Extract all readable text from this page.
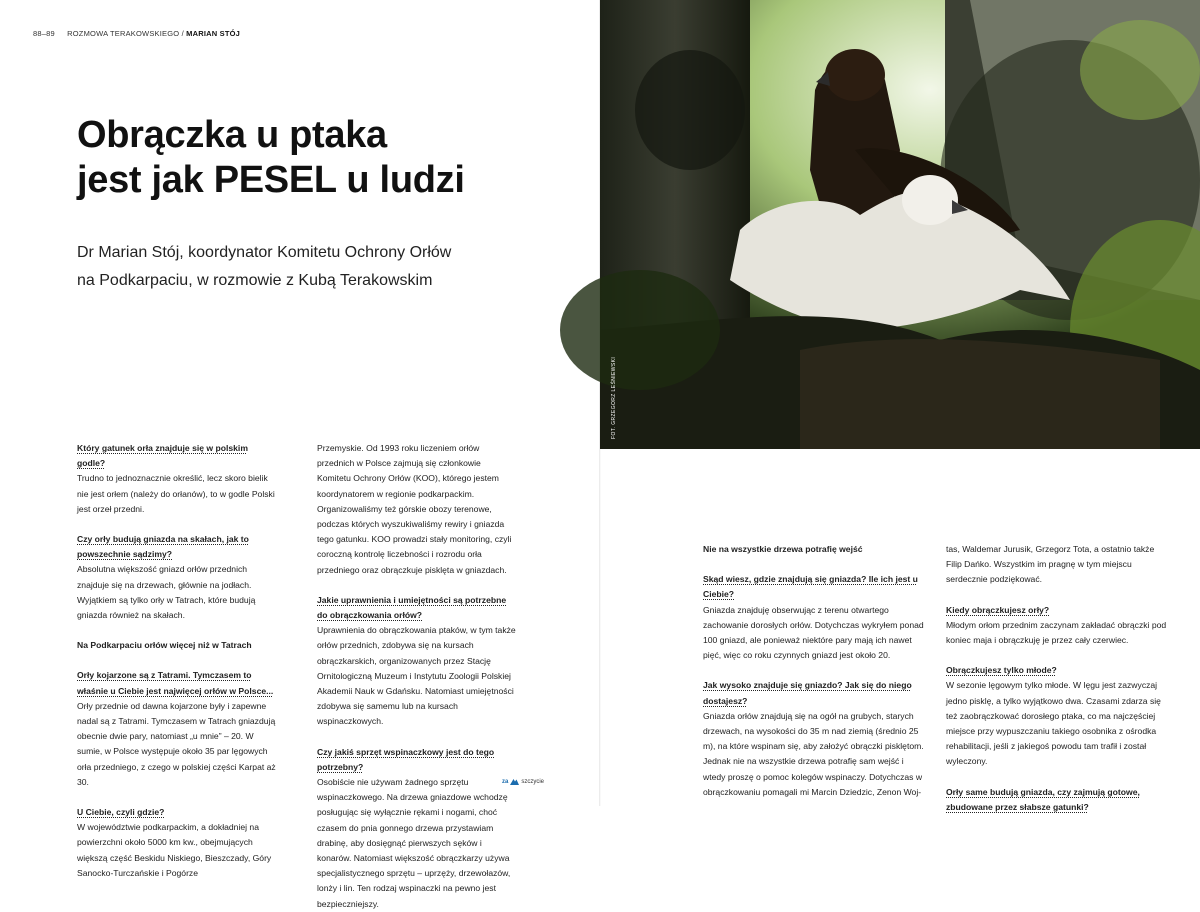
88–89 ROZMOWA TERAKOWSKIEGO / MARIAN STÓJ
Obrączka u ptaka
jest jak PESEL u ludzi
Dr Marian Stój, koordynator Komitetu Ochrony Orłów
na Podkarpaciu, w rozmowie z Kubą Terakowskim

Który gatunek orła znajduje się w polskim godle?

Trudno to jednoznacznie określić, lecz skoro bielik nie jest orłem (należy do orłanów), to w godle Polski jest orzeł przedni.

Czy orły budują gniazda na skałach, jak to powszechnie sądzimy?

Absolutna większość gniazd orłów przednich znajduje się na drzewach, głównie na jodłach. Wyjątkiem są tylko orły w Tatrach, które budują gniazda również na skałach.

Na Podkarpaciu orłów więcej niż w Tatrach

Orły kojarzone są z Tatrami. Tymczasem to właśnie u Ciebie jest najwięcej orłów w Polsce...

Orły przednie od dawna kojarzone były i zapewne nadal są z Tatrami. Tymczasem w Tatrach gniazdują obecnie dwie pary, natomiast „u mnie” – 20. W sumie, w Polsce występuje około 35 par lęgowych orła przedniego, z czego w polskiej części Karpat aż 30.

U Ciebie, czyli gdzie?

W województwie podkarpackim, a dokładniej na powierzchni około 5000 km kw., obejmujących większą część Beskidu Niskiego, Bieszczady, Góry Sanocko-Turczańskie i Pogórze

Przemyskie. Od 1993 roku liczeniem orłów przednich w Polsce zajmują się członkowie Komitetu Ochrony Orłów (KOO), którego jestem koordynatorem w regionie podkarpackim. Organizowaliśmy też górskie obozy terenowe, podczas których wyszukiwaliśmy rewiry i gniazda tego gatunku. KOO prowadzi stały monitoring, czyli coroczną kontrolę liczebności i rozrodu orła przedniego oraz obrączkuje pisklęta w gniazdach.

Jakie uprawnienia i umiejętności są potrzebne do obrączkowania orłów?

Uprawnienia do obrączkowania ptaków, w tym także orłów przednich, zdobywa się na kursach obrączkarskich, organizowanych przez Stację Ornitologiczną Muzeum i Instytutu Zoologii Polskiej Akademii Nauk w Gdańsku. Natomiast umiejętności zdobywa się samemu lub na kursach wspinaczkowych.

Czy jakiś sprzęt wspinaczkowy jest do tego potrzebny?

Osobiście nie używam żadnego sprzętu wspinaczkowego. Na drzewa gniazdowe wchodzę posługując się wyłącznie rękami i nogami, choć czasem do pnia gonnego drzewa przystawiam drabinę, aby dosięgnąć pierwszych sęków i konarów. Natomiast większość obrączkarzy używa specjalistycznego sprzętu – uprzęży, drzewołazów, lonży i lin. Ten rodzaj wspinaczki na pewno jest bezpieczniejszy.

FOT. GRZEGORZ LEŚNIEWSKI

Nie na wszystkie drzewa potrafię wejść

Skąd wiesz, gdzie znajdują się gniazda? Ile ich jest u Ciebie?

Gniazda znajduję obserwując z terenu otwartego zachowanie dorosłych orłów. Dotychczas wykryłem ponad 100 gniazd, ale ponieważ niektóre pary mają ich nawet pięć, więc co roku czynnych gniazd jest około 20.

Jak wysoko znajduje się gniazdo? Jak się do niego dostajesz?

Gniazda orłów znajdują się na ogół na grubych, starych drzewach, na wysokości do 35 m nad ziemią (średnio 25 m), na które wspinam się, aby założyć obrączki pisklętom. Jednak nie na wszystkie drzewa potrafię sam wejść i wtedy proszę o pomoc kolegów wspinaczy. Dotychczas w obrączkowaniu pomagali mi Marcin Dziedzic, Zenon Woj-

tas, Waldemar Jurusik, Grzegorz Tota, a ostatnio także Filip Dańko. Wszystkim im pragnę w tym miejscu serdecznie podziękować.

Kiedy obrączkujesz orły?

Młodym orłom przednim zaczynam zakładać obrączki pod koniec maja i obrączkuję je przez cały czerwiec.

Obrączkujesz tylko młode?

W sezonie lęgowym tylko młode. W lęgu jest zazwyczaj jedno pisklę, a tylko wyjątkowo dwa. Czasami zdarza się też zaobrączkować dorosłego ptaka, co ma najczęściej miejsce przy wypuszczaniu takiego osobnika z ośrodka rehabilitacji, jeśli z jakiegoś powodu tam trafił i został wyleczony.

Orły same budują gniazda, czy zajmują gotowe, zbudowane przez słabsze gatunki?

za szczycie
